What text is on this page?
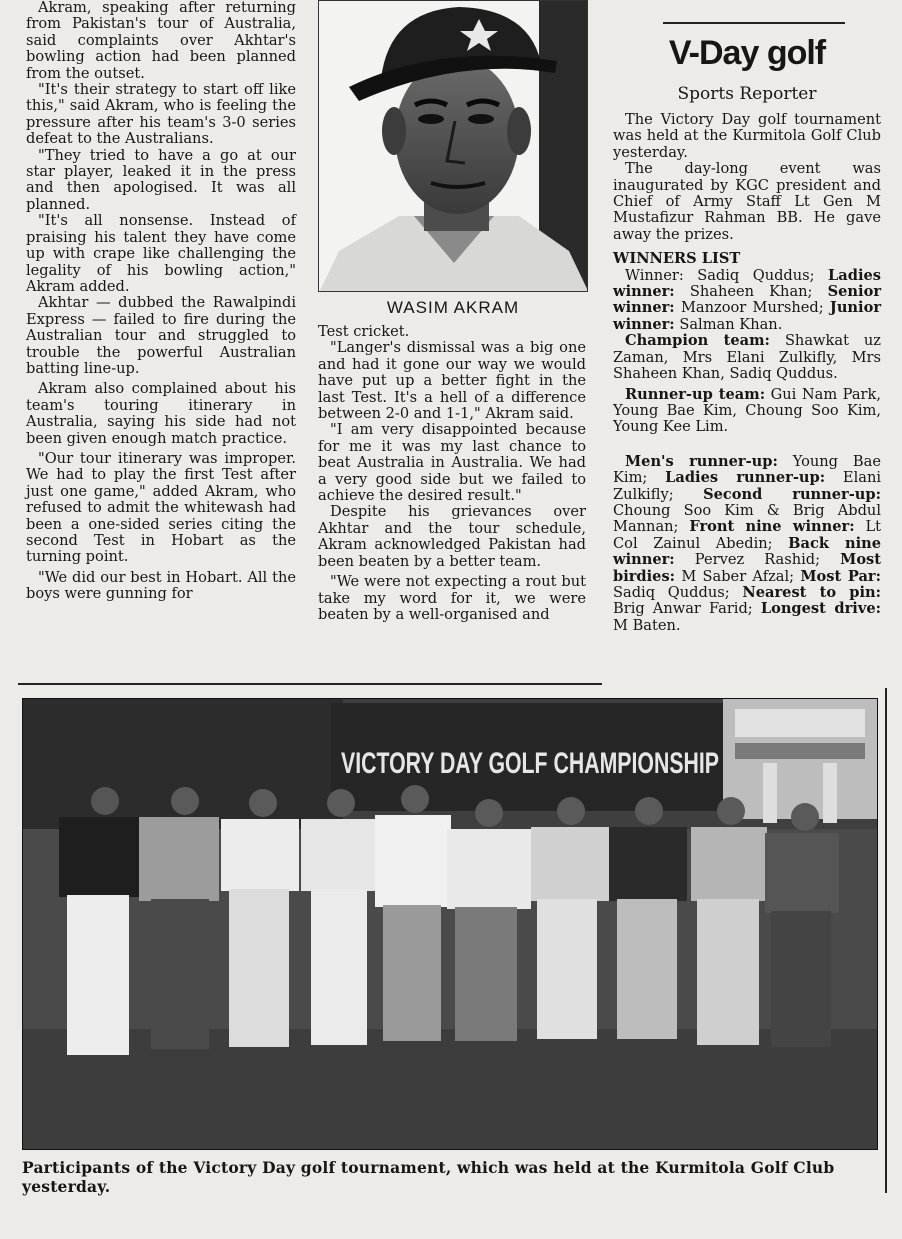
Akram, speaking after returning from Pakistan's tour of Australia, said complaints over Akhtar's bowling action had been planned from the outset.

"It's their strategy to start off like this," said Akram, who is feeling the pressure after his team's 3-0 series defeat to the Australians.

"They tried to have a go at our star player, leaked it in the press and then apologised. It was all planned.

"It's all nonsense. Instead of praising his talent they have come up with crape like challenging the legality of his bowling action," Akram added.

Akhtar — dubbed the Rawalpindi Express — failed to fire during the Australian tour and struggled to trouble the powerful Australian batting line-up.

Akram also complained about his team's touring itinerary in Australia, saying his side had not been given enough match practice.

"Our tour itinerary was improper. We had to play the first Test after just one game," added Akram, who refused to admit the whitewash had been a one-sided series citing the second Test in Hobart as the turning point.

"We did our best in Hobart. All the boys were gunning for

WASIM AKRAM

Test cricket.

"Langer's dismissal was a big one and had it gone our way we would have put up a better fight in the last Test. It's a hell of a difference between 2-0 and 1-1," Akram said.

"I am very disappointed because for me it was my last chance to beat Australia in Australia. We had a very good side but we failed to achieve the desired result."

Despite his grievances over Akhtar and the tour schedule, Akram acknowledged Pakistan had been beaten by a better team.

"We were not expecting a rout but take my word for it, we were beaten by a well-organised and

V-Day golf
Sports Reporter

The Victory Day golf tournament was held at the Kurmitola Golf Club yesterday.

The day-long event was inaugurated by KGC president and Chief of Army Staff Lt Gen M Mustafizur Rahman BB. He gave away the prizes.

WINNERS LIST

Winner: Sadiq Quddus; Ladies winner: Shaheen Khan; Senior winner: Manzoor Murshed; Junior winner: Salman Khan.

Champion team: Shawkat uz Zaman, Mrs Elani Zulkifly, Mrs Shaheen Khan, Sadiq Quddus.

Runner-up team: Gui Nam Park, Young Bae Kim, Choung Soo Kim, Young Kee Lim.

Men's runner-up: Young Bae Kim; Ladies runner-up: Elani Zulkifly; Second runner-up: Choung Soo Kim & Brig Abdul Mannan; Front nine winner: Lt Col Zainul Abedin; Back nine winner: Pervez Rashid; Most birdies: M Saber Afzal; Most Par: Sadiq Quddus; Nearest to pin: Brig Anwar Farid; Longest drive: M Baten.

VICTORY DAY GOLF CHAMPIONSHIP
Participants of the Victory Day golf tournament, which was held at the Kurmitola Golf Club yesterday.
